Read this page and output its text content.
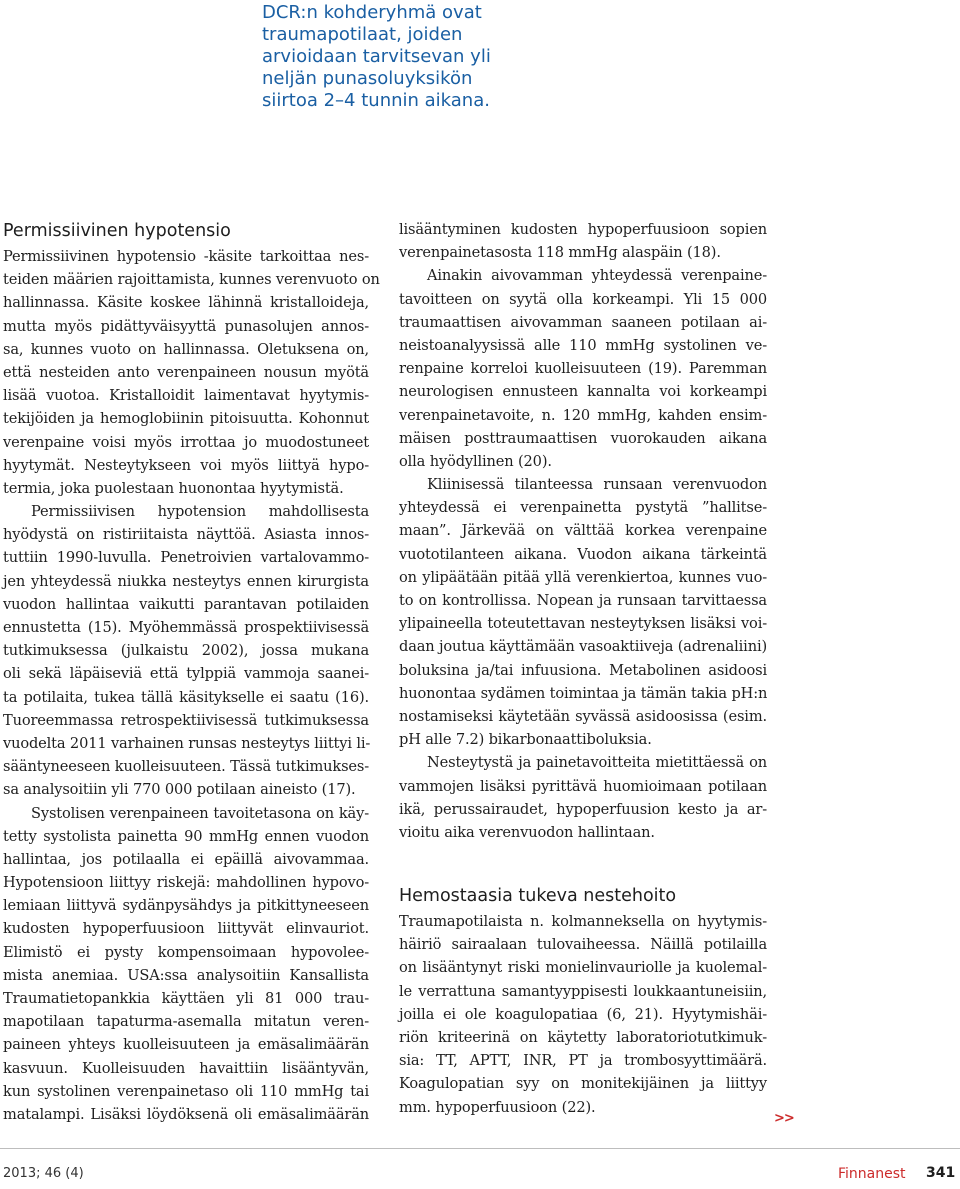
DCR:n kohderyhmä ovat
traumapotilaat, joiden
arvioidaan tarvitsevan yli
neljän punasoluyksikön
siirtoa 2–4 tunnin aikana.
Permissiivinen hypotensio
Permissiivinen hypotensio -käsite tarkoittaa nes-
teiden määrien rajoittamista, kunnes verenvuoto on
hallinnassa. Käsite koskee lähinnä kristalloideja,
mutta myös pidättyväisyyttä punasolujen annos-
sa, kunnes vuoto on hallinnassa. Oletuksena on,
että nesteiden anto verenpaineen nousun myötä
lisää vuotoa. Kristalloidit laimentavat hyytymis-
tekijöiden ja hemoglobiinin pitoisuutta. Kohonnut
verenpaine voisi myös irrottaa jo muodostuneet
hyytymät. Nesteytykseen voi myös liittyä hypo-
termia, joka puolestaan huonontaa hyytymistä.
Permissiivisen hypotension mahdollisesta
hyödystä on ristiriitaista näyttöä. Asiasta innos-
tuttiin 1990-luvulla. Penetroivien vartalovammo-
jen yhteydessä niukka nesteytys ennen kirurgista
vuodon hallintaa vaikutti parantavan potilaiden
ennustetta (15). Myöhemmässä prospektiivisessä
tutkimuksessa (julkaistu 2002), jossa mukana
oli sekä läpäiseviä että tylppiä vammoja saanei-
ta potilaita, tukea tällä käsitykselle ei saatu (16).
Tuoreemmassa retrospektiivisessä tutkimuksessa
vuodelta 2011 varhainen runsas nesteytys liittyi li-
sääntyneeseen kuolleisuuteen. Tässä tutkimukses-
sa analysoitiin yli 770 000 potilaan aineisto (17).
Systolisen verenpaineen tavoitetasona on käy-
tetty systolista painetta 90 mmHg ennen vuodon
hallintaa, jos potilaalla ei epäillä aivovammaa.
Hypotensioon liittyy riskejä: mahdollinen hypovo-
lemiaan liittyvä sydänpysähdys ja pitkittyneeseen
kudosten hypoperfuusioon liittyvät elinvauriot.
Elimistö ei pysty kompensoimaan hypovolee-
mista anemiaa. USA:ssa analysoitiin Kansallista
Traumatietopankkia käyttäen yli 81 000 trau-
mapotilaan tapaturma-asemalla mitatun veren-
paineen yhteys kuolleisuuteen ja emäsalimäärän
kasvuun. Kuolleisuuden havaittiin lisääntyvän,
kun systolinen verenpainetaso oli 110 mmHg tai
matalampi. Lisäksi löydöksenä oli emäsalimäärän
lisääntyminen kudosten hypoperfuusioon sopien
verenpainetasosta 118 mmHg alaspäin (18).
Ainakin aivovamman yhteydessä verenpaine-
tavoitteen on syytä olla korkeampi. Yli 15 000
traumaattisen aivovamman saaneen potilaan ai-
neistoanalyysissä alle 110 mmHg systolinen ve-
renpaine korreloi kuolleisuuteen (19). Paremman
neurologisen ennusteen kannalta voi korkeampi
verenpainetavoite, n. 120 mmHg, kahden ensim-
mäisen posttraumaattisen vuorokauden aikana
olla hyödyllinen (20).
Kliinisessä tilanteessa runsaan verenvuodon
yhteydessä ei verenpainetta pystytä ”hallitse-
maan”. Järkevää on välttää korkea verenpaine
vuototilanteen aikana. Vuodon aikana tärkeintä
on ylipäätään pitää yllä verenkiertoa, kunnes vuo-
to on kontrollissa. Nopean ja runsaan tarvittaessa
ylipaineella toteutettavan nesteytyksen lisäksi voi-
daan joutua käyttämään vasoaktiiveja (adrenaliini)
boluksina ja/tai infuusiona. Metabolinen asidoosi
huonontaa sydämen toimintaa ja tämän takia pH:n
nostamiseksi käytetään syvässä asidoosissa (esim.
pH alle 7.2) bikarbonaattiboluksia.
Nesteytystä ja painetavoitteita mietittäessä on
vammojen lisäksi pyrittävä huomioimaan potilaan
ikä, perussairaudet, hypoperfuusion kesto ja ar-
vioitu aika verenvuodon hallintaan.
Hemostaasia tukeva nestehoito
Traumapotilaista n. kolmanneksella on hyytymis-
häiriö sairaalaan tulovaiheessa. Näillä potilailla
on lisääntynyt riski monielinvauriolle ja kuolemal-
le verrattuna samantyyppisesti loukkaantuneisiin,
joilla ei ole koagulopatiaa (6, 21). Hyytymishäi-
riön kriteerinä on käytetty laboratoriotutkimuk-
sia: TT, APTT, INR, PT ja trombosyyttimäärä.
Koagulopatian syy on monitekijäinen ja liittyy
mm. hypoperfuusioon (22).
>>
2013; 46 (4)	Finnanest 341
